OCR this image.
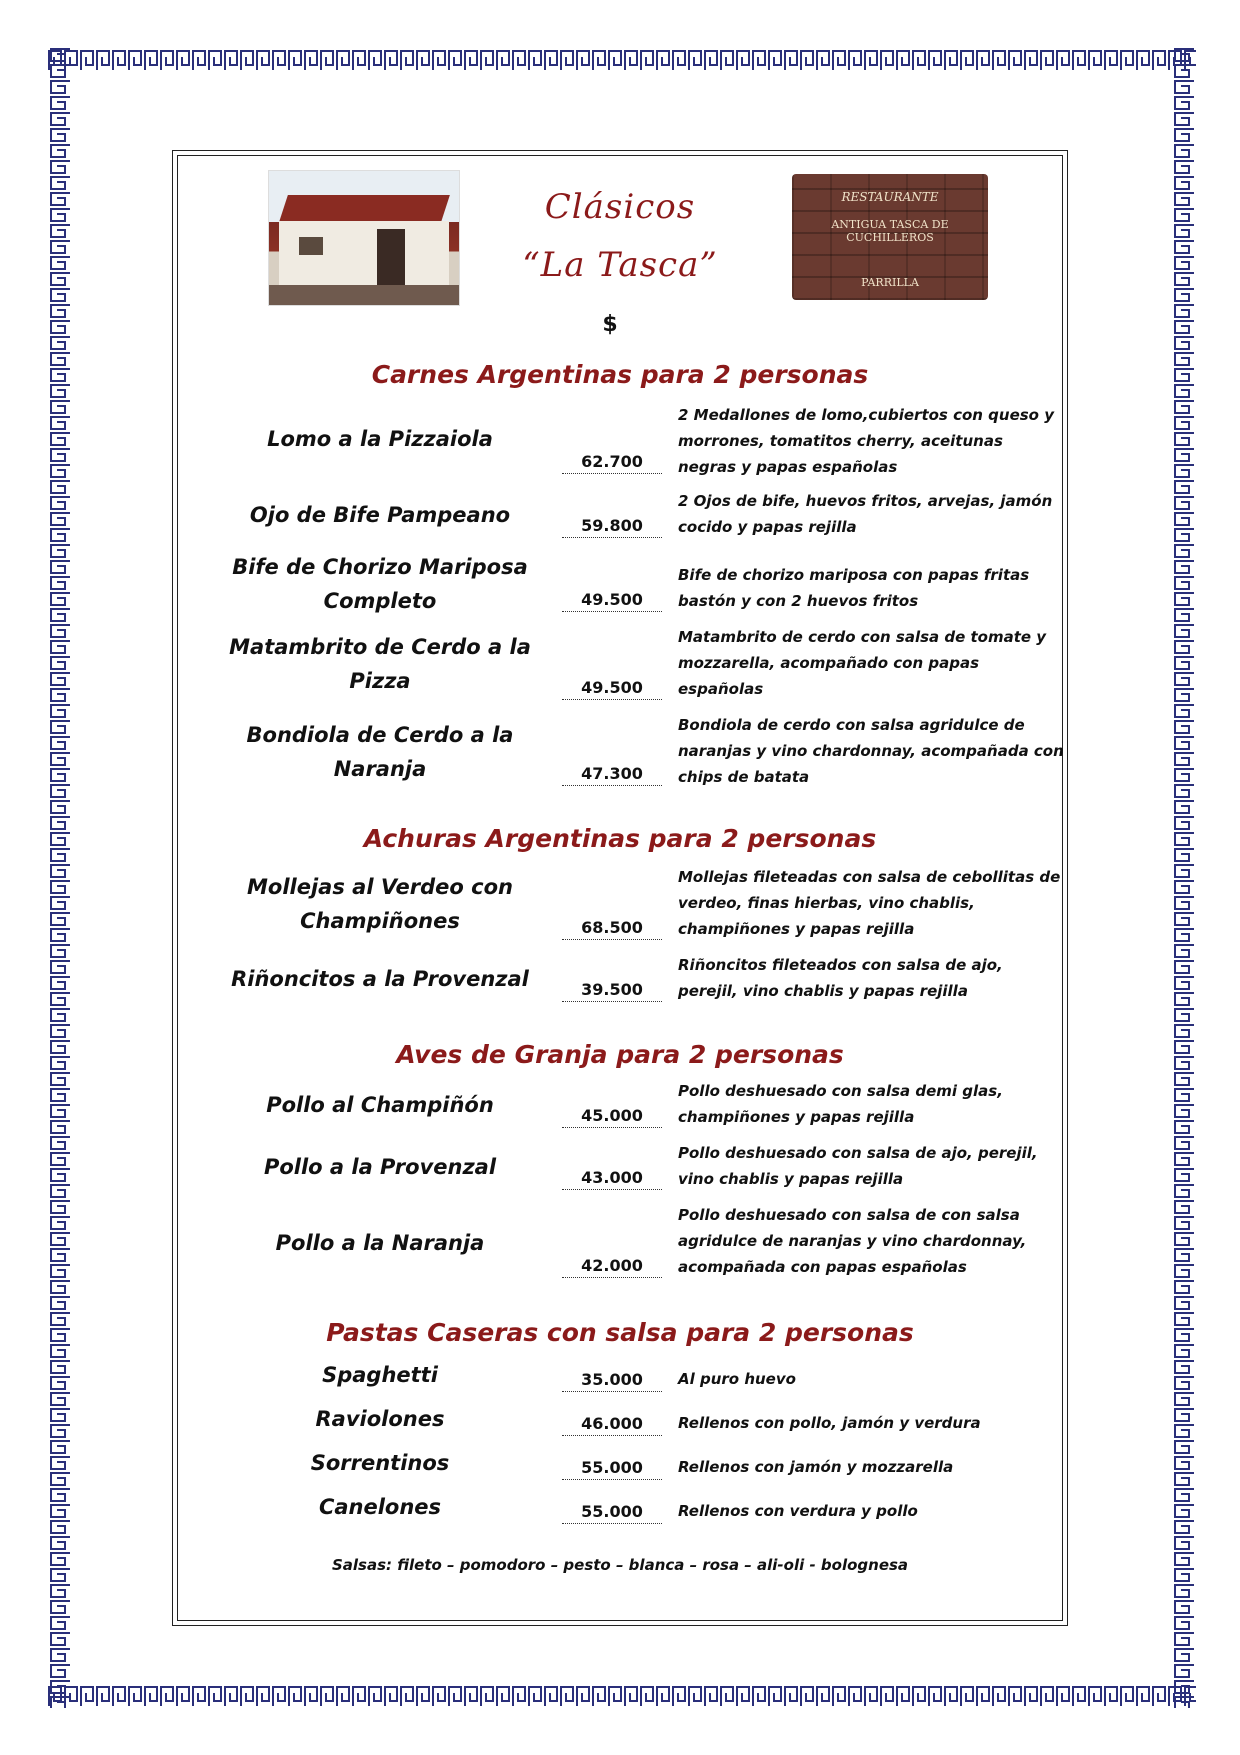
Clásicos
“La Tasca”
$
RESTAURANTE
ANTIGUA TASCA DE CUCHILLEROS
PARRILLA
Carnes Argentinas para 2 personas
Lomo a la Pizzaiola
62.700
2 Medallones de lomo,cubiertos con queso y morrones, tomatitos cherry, aceitunas negras y papas españolas
Ojo de Bife Pampeano	59.800
2 Ojos de bife, huevos fritos, arvejas, jamón cocido y papas rejilla
Bife de Chorizo Mariposa Completo	49.500
Bife de chorizo mariposa con papas fritas bastón y con 2 huevos fritos
Matambrito de Cerdo a la Pizza	49.500
Matambrito de cerdo con salsa de tomate y mozzarella, acompañado con papas españolas
Bondiola de Cerdo a la Naranja	47.300
Bondiola de cerdo con salsa agridulce de naranjas y vino chardonnay, acompañada con chips de batata
Achuras Argentinas para 2 personas
Mollejas al Verdeo con Champiñones	68.500
Mollejas fileteadas con salsa de cebollitas de verdeo, finas hierbas, vino chablis, champiñones y papas rejilla
Riñoncitos a la Provenzal	39.500
Riñoncitos fileteados con salsa de ajo, perejil, vino chablis y papas rejilla
Aves de Granja para 2 personas
Pollo al Champiñón	45.000
Pollo deshuesado con salsa demi glas, champiñones y papas rejilla
Pollo a la Provenzal	43.000
Pollo deshuesado con salsa de ajo, perejil, vino chablis y papas rejilla
Pollo a la Naranja
42.000
Pollo deshuesado con salsa de con salsa agridulce de naranjas y vino chardonnay, acompañada con papas españolas
Pastas Caseras con salsa para 2 personas
Spaghetti	35.000	Al puro huevo
Raviolones	46.000	Rellenos con pollo, jamón y verdura
Sorrentinos	55.000	Rellenos con jamón y mozzarella
Canelones	55.000	Rellenos con verdura y pollo
Salsas: fileto – pomodoro – pesto – blanca – rosa – ali-oli - bolognesa
